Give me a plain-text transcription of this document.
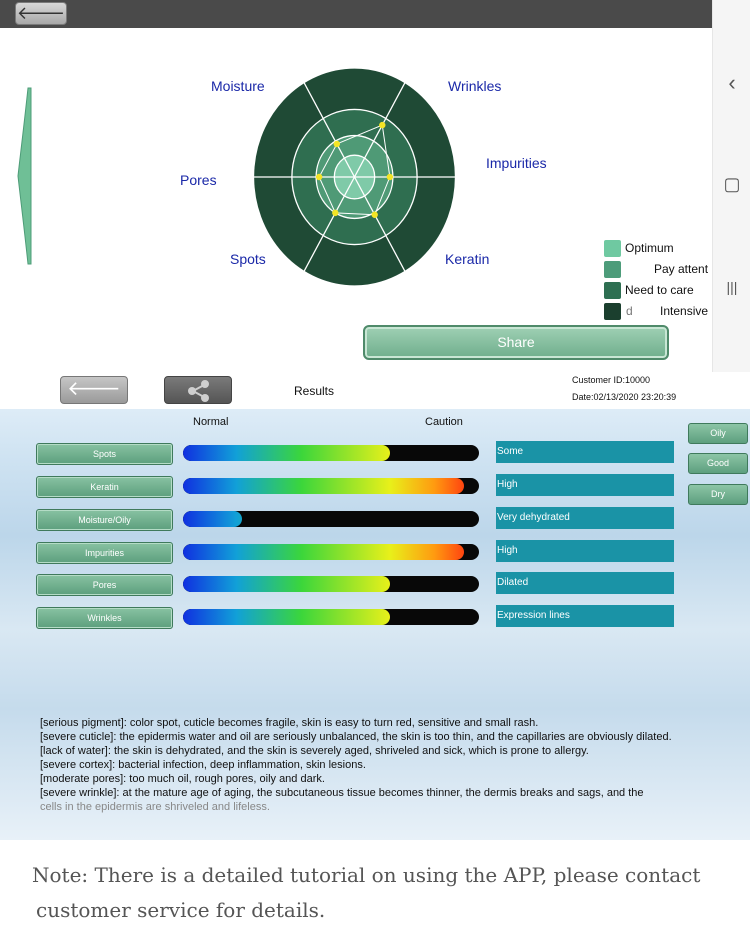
🡐
Moisture	Wrinkles
Impurities
Keratin
Spots
Pores
Optimum
Pay attent
Need to care
d Intensive
Share
‹
▢
|||
🡐	Results
Customer ID:10000
Date:02/13/2020 23:20:39
Normal	Caution
Spots	Some
Keratin	High
Moisture/Oily	Very dehydrated
Impurities	High
Pores	Dilated
Wrinkles	Expression lines
Oily
Good
Dry

[serious pigment]: color spot, cuticle becomes fragile, skin is easy to turn red, sensitive and small rash.

[severe cuticle]: the epidermis water and oil are seriously unbalanced, the skin is too thin, and the capillaries are obviously dilated.

[lack of water]: the skin is dehydrated, and the skin is severely aged, shriveled and sick, which is prone to allergy.

[severe cortex]: bacterial infection, deep inflammation, skin lesions.

[moderate pores]: too much oil, rough pores, oily and dark.

[severe wrinkle]: at the mature age of aging, the subcutaneous tissue becomes thinner, the dermis breaks and sags, and the

cells in the epidermis are shriveled and lifeless.

Note: There is a detailed tutorial on using the APP, please contact
customer service for details.
